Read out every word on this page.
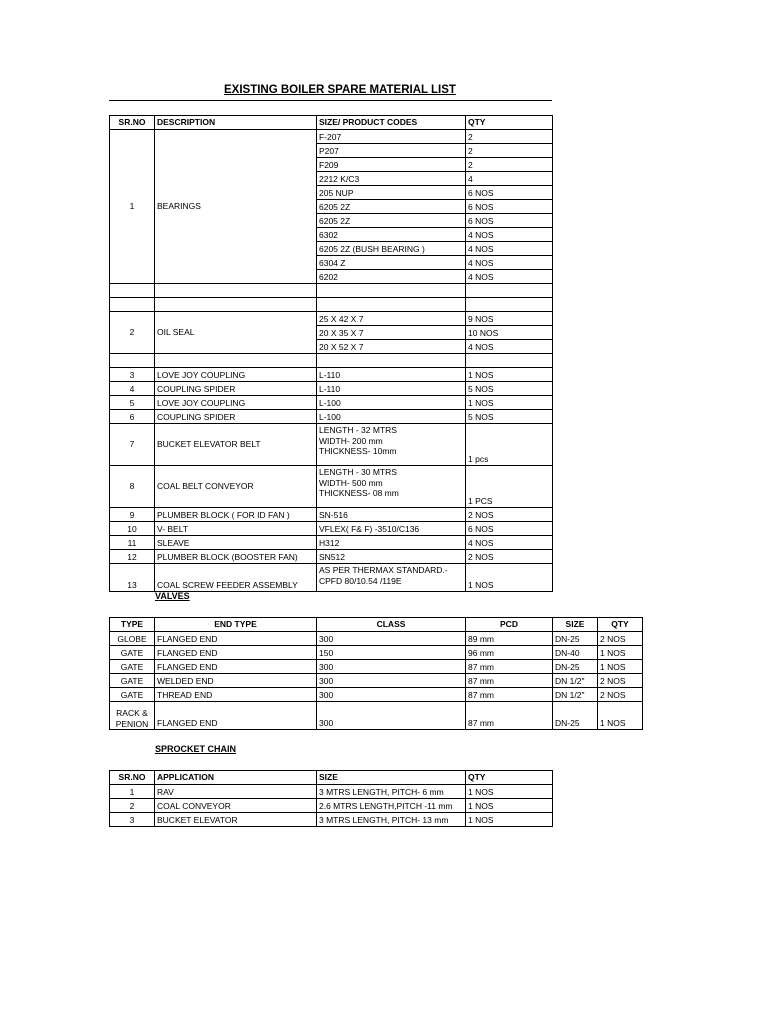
EXISTING BOILER SPARE MATERIAL LIST
SR.NO	DESCRIPTION	SIZE/ PRODUCT CODES	QTY
1	BEARINGS	F-207	2
		P207	2
		F209	2
		2212 K/C3	4
		205 NUP	6 NOS
		6205 2Z	6 NOS
		6205 2Z	6 NOS
		6302	4 NOS
		6205 2Z (BUSH BEARING )	4 NOS
		6304 Z	4 NOS
		6202	4 NOS

2	OIL SEAL	25 X 42 X 7	9 NOS
		20 X 35 X 7	10 NOS
		20 X 52 X 7	4 NOS

3	LOVE JOY COUPLING	L-110	1 NOS
4	COUPLING SPIDER	L-110	5 NOS
5	LOVE JOY COUPLING	L-100	1 NOS
6	COUPLING SPIDER	L-100	5 NOS
7	BUCKET ELEVATOR BELT	LENGTH - 32 MTRS
WIDTH- 200 mm
THICKNESS- 10mm	1 pcs
8	COAL BELT CONVEYOR	LENGTH - 30 MTRS
WIDTH- 500 mm
THICKNESS- 08 mm	1 PCS
9	PLUMBER BLOCK ( FOR ID FAN )	SN-516	2 NOS
10	V- BELT	VFLEX( F& F) -3510/C136	6 NOS
11	SLEAVE	H312	4 NOS
12	PLUMBER BLOCK (BOOSTER FAN)	SN512	2 NOS
13	COAL SCREW FEEDER ASSEMBLY	AS PER THERMAX STANDARD.-
CPFD 80/10.54 /119E	1 NOS
VALVES
TYPE	END TYPE	CLASS	PCD	SIZE	QTY
GLOBE	FLANGED END	300	89 mm	DN-25	2 NOS
GATE	FLANGED END	150	96 mm	DN-40	1 NOS
GATE	FLANGED END	300	87 mm	DN-25	1 NOS
GATE	WELDED END	300	87 mm	DN 1/2"	2 NOS
GATE	THREAD END	300	87 mm	DN 1/2"	2 NOS
RACK &
PENION	FLANGED END	300	87 mm	DN-25	1 NOS
SPROCKET CHAIN
SR.NO	APPLICATION	SIZE	QTY
1	RAV	3 MTRS LENGTH, PITCH- 6 mm	1 NOS
2	COAL CONVEYOR	2.6 MTRS LENGTH,PITCH -11 mm	1 NOS
3	BUCKET ELEVATOR	3 MTRS LENGTH, PITCH- 13 mm	1 NOS
